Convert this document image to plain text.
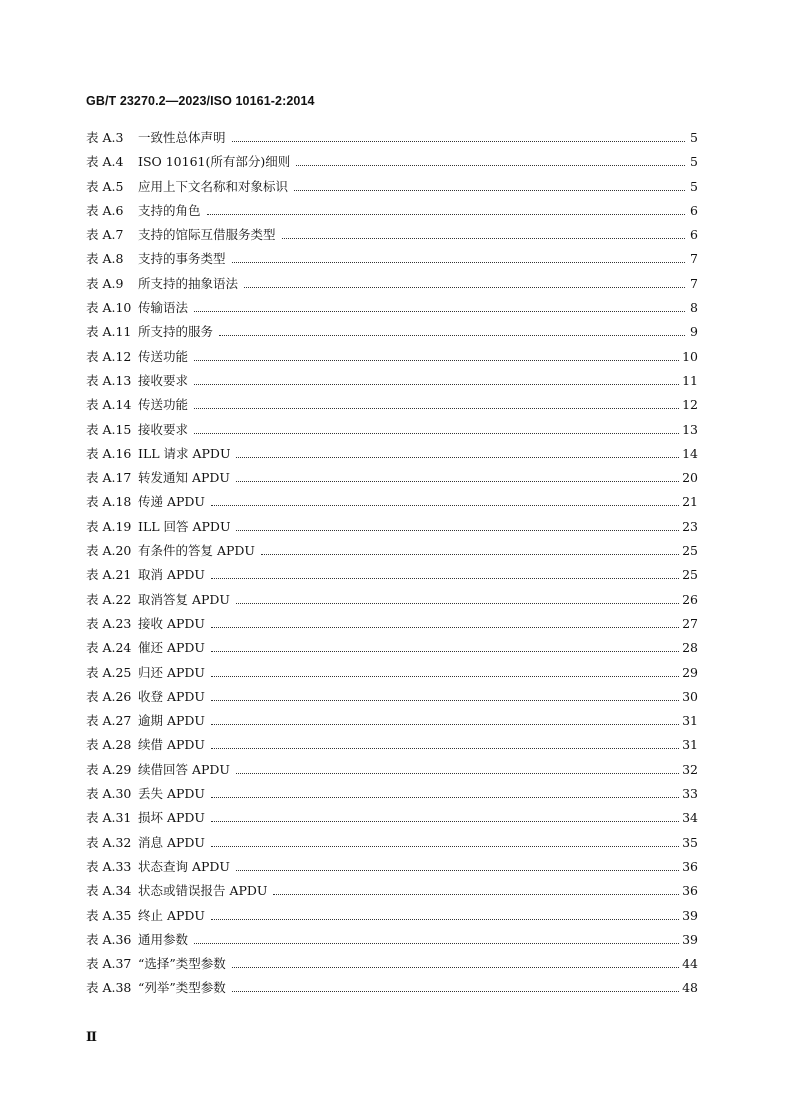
GB/T 23270.2—2023/ISO 10161-2:2014
表 A.3	一致性总体声明	5
表 A.4	ISO 10161(所有部分)细则	5
表 A.5	应用上下文名称和对象标识	5
表 A.6	支持的角色	6
表 A.7	支持的馆际互借服务类型	6
表 A.8	支持的事务类型	7
表 A.9	所支持的抽象语法	7
表 A.10 传输语法	8
表 A.11 所支持的服务	9
表 A.12 传送功能	10
表 A.13 接收要求	11
表 A.14 传送功能	12
表 A.15 接收要求	13
表 A.16 ILL 请求 APDU	14
表 A.17 转发通知 APDU	20
表 A.18 传递 APDU	21
表 A.19 ILL 回答 APDU	23
表 A.20 有条件的答复 APDU	25
表 A.21 取消 APDU	25
表 A.22 取消答复 APDU	26
表 A.23 接收 APDU	27
表 A.24 催还 APDU	28
表 A.25 归还 APDU	29
表 A.26 收登 APDU	30
表 A.27 逾期 APDU	31
表 A.28 续借 APDU	31
表 A.29 续借回答 APDU	32
表 A.30 丢失 APDU	33
表 A.31 损坏 APDU	34
表 A.32 消息 APDU	35
表 A.33 状态查询 APDU	36
表 A.34 状态或错误报告 APDU	36
表 A.35 终止 APDU	39
表 A.36 通用参数	39
表 A.37 “选择”类型参数	44
表 A.38 “列举”类型参数	48
Ⅱ
